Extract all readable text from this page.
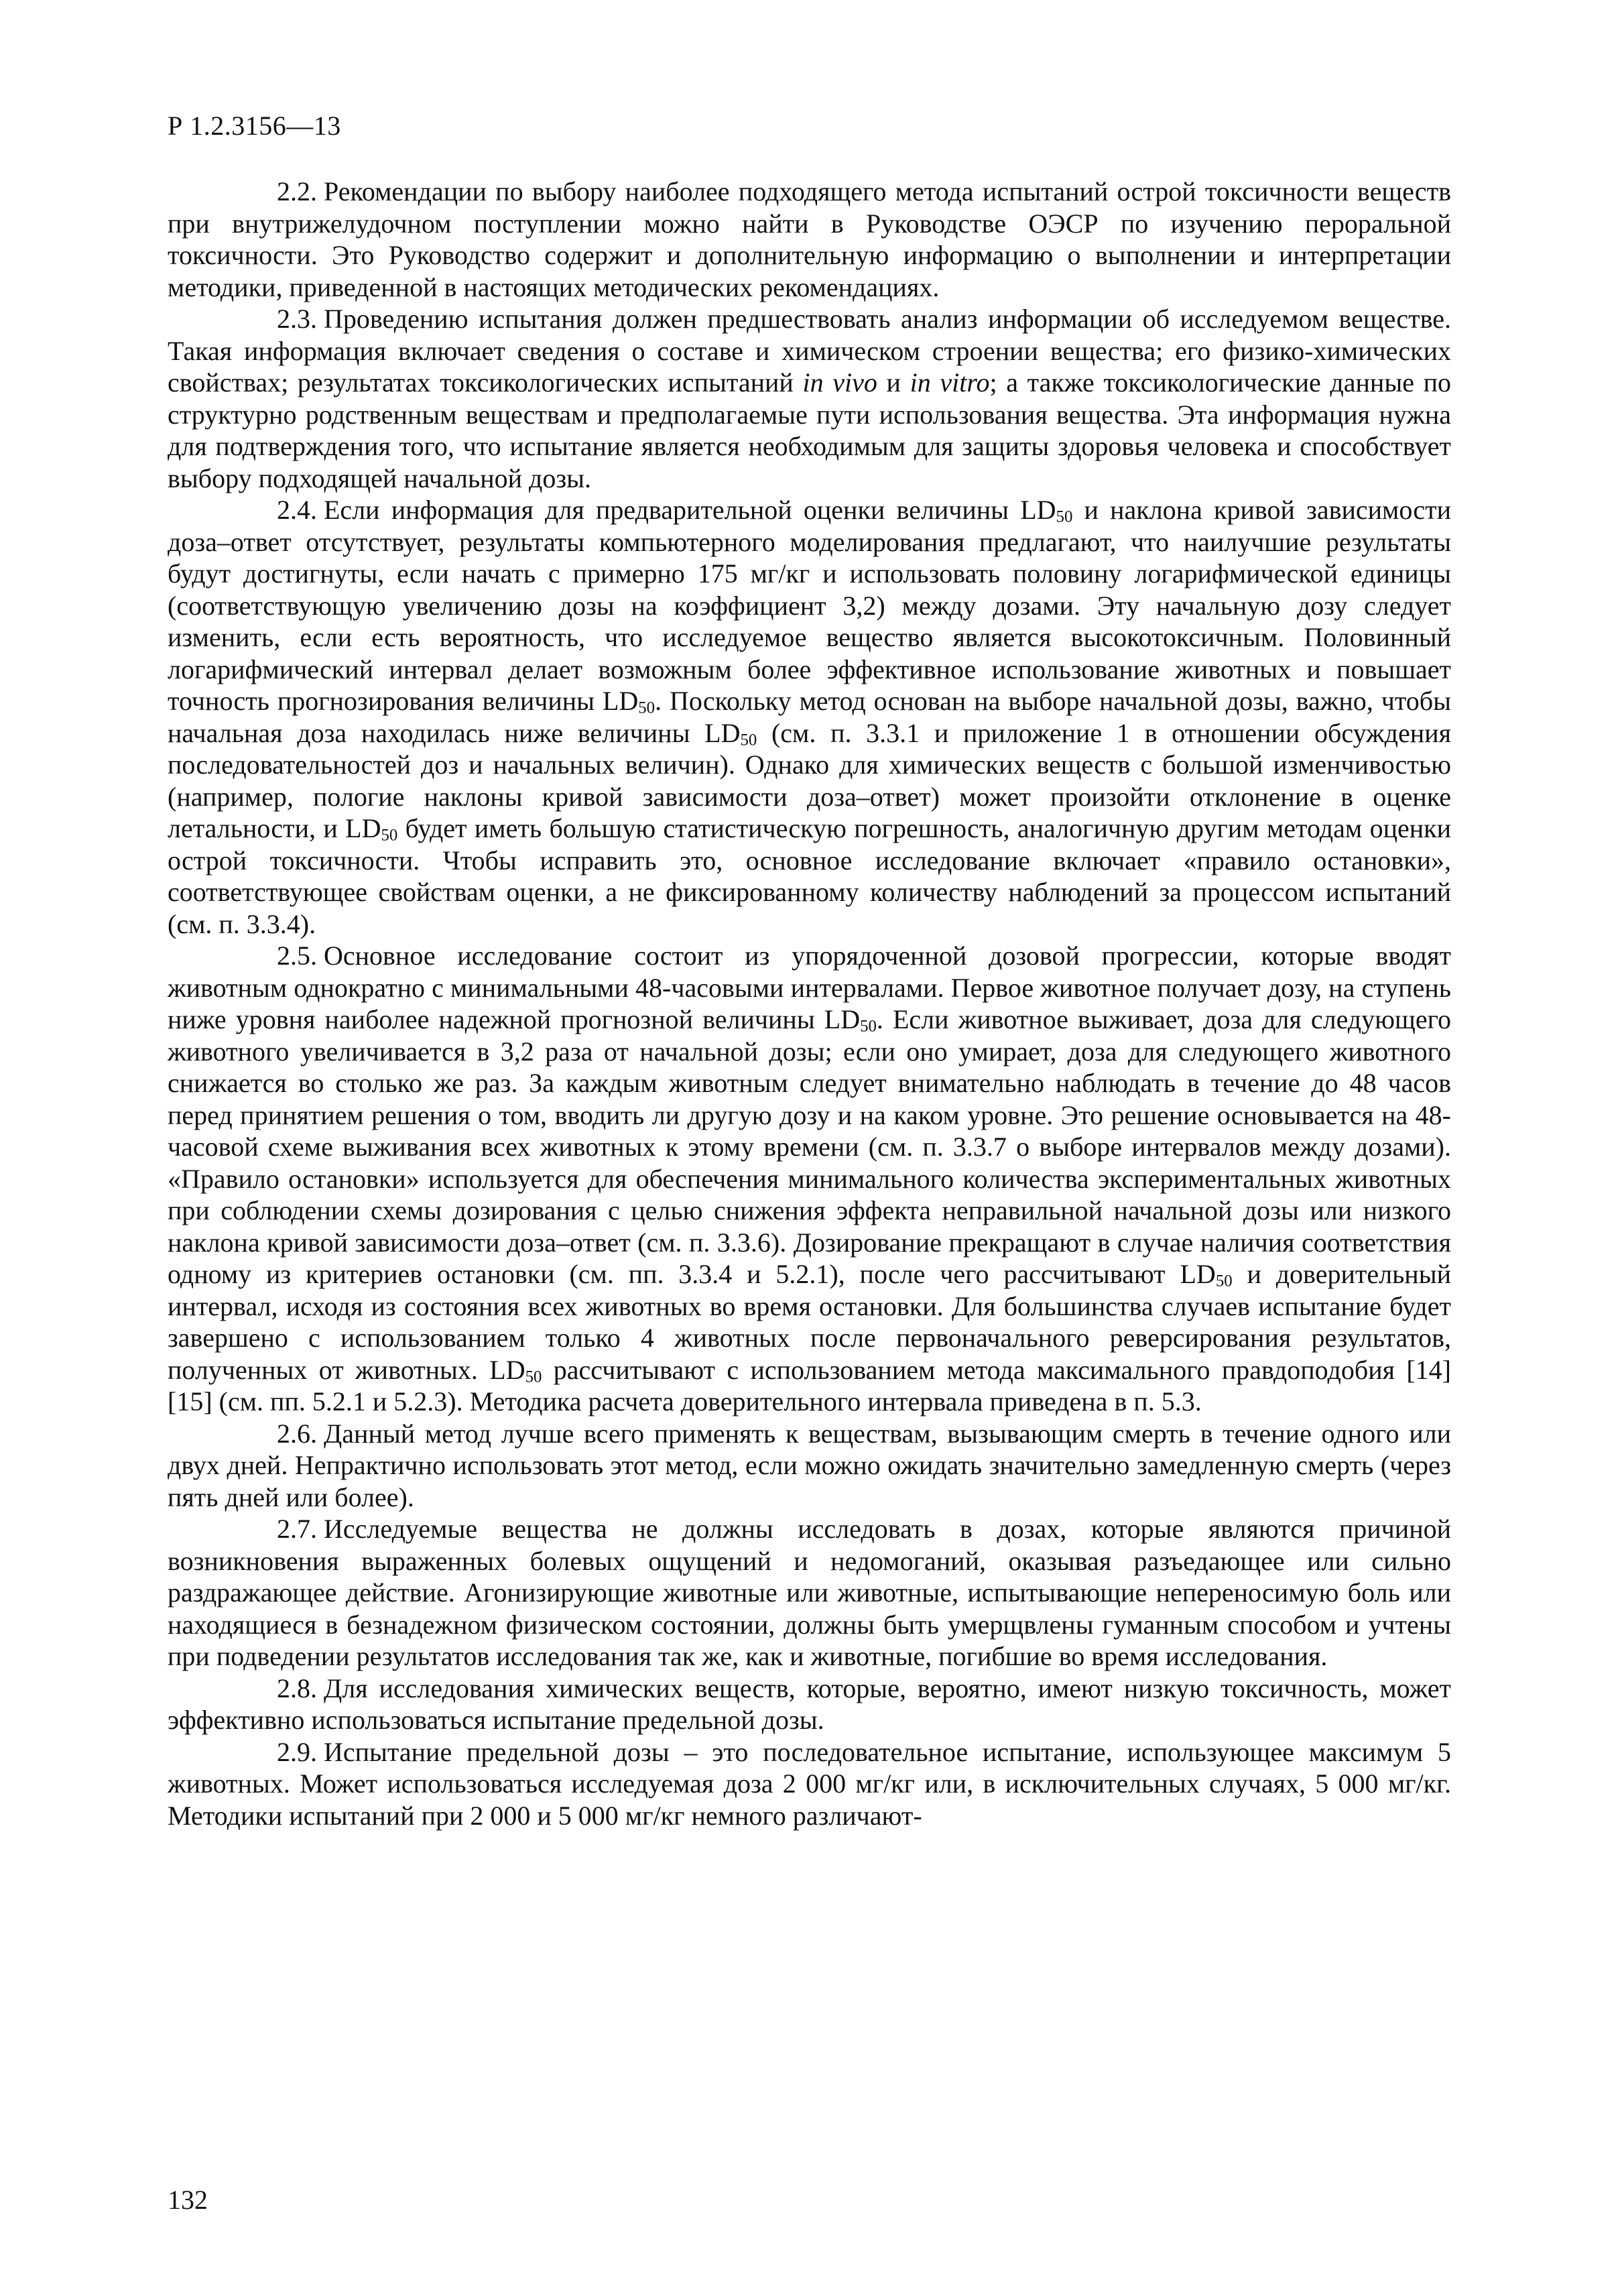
Р 1.2.3156—13

2.2. Рекомендации по выбору наиболее подходящего метода испытаний острой токсичности веществ при внутрижелудочном поступлении можно найти в Руководстве ОЭСР по изучению пероральной токсичности. Это Руководство содержит и дополнительную информацию о выполнении и интерпретации методики, приведенной в настоящих методических рекомендациях.

2.3. Проведению испытания должен предшествовать анализ информации об исследуемом веществе. Такая информация включает сведения о составе и химическом строении вещества; его физико-химических свойствах; результатах токсикологических испытаний in vivo и in vitro; а также токсикологические данные по структурно родственным веществам и предполагаемые пути использования вещества. Эта информация нужна для подтверждения того, что испытание является необходимым для защиты здоровья человека и способствует выбору подходящей начальной дозы.

2.4. Если информация для предварительной оценки величины $LD_{50}$ и наклона кривой зависимости доза–ответ отсутствует, результаты компьютерного моделирования предлагают, что наилучшие результаты будут достигнуты, если начать с примерно 175 мг/кг и использовать половину логарифмической единицы (соответствующую увеличению дозы на коэффициент 3,2) между дозами. Эту начальную дозу следует изменить, если есть вероятность, что исследуемое вещество является высокотоксичным. Половинный логарифмический интервал делает возможным более эффективное использование животных и повышает точность прогнозирования величины $LD_{50}$. Поскольку метод основан на выборе начальной дозы, важно, чтобы начальная доза находилась ниже величины $LD_{50}$ (см. п. 3.3.1 и приложение 1 в отношении обсуждения последовательностей доз и начальных величин). Однако для химических веществ с большой изменчивостью (например, пологие наклоны кривой зависимости доза–ответ) может произойти отклонение в оценке летальности, и $LD_{50}$ будет иметь большую статистическую погрешность, аналогичную другим методам оценки острой токсичности. Чтобы исправить это, основное исследование включает «правило остановки», соответствующее свойствам оценки, а не фиксированному количеству наблюдений за процессом испытаний (см. п. 3.3.4).

2.5. Основное исследование состоит из упорядоченной дозовой прогрессии, которые вводят животным однократно с минимальными 48-часовыми интервалами. Первое животное получает дозу, на ступень ниже уровня наиболее надежной прогнозной величины $LD_{50}$. Если животное выживает, доза для следующего животного увеличивается в 3,2 раза от начальной дозы; если оно умирает, доза для следующего животного снижается во столько же раз. За каждым животным следует внимательно наблюдать в течение до 48 часов перед принятием решения о том, вводить ли другую дозу и на каком уровне. Это решение основывается на 48-часовой схеме выживания всех животных к этому времени (см. п. 3.3.7 о выборе интервалов между дозами). «Правило остановки» используется для обеспечения минимального количества экспериментальных животных при соблюдении схемы дозирования с целью снижения эффекта неправильной начальной дозы или низкого наклона кривой зависимости доза–ответ (см. п. 3.3.6). Дозирование прекращают в случае наличия соответствия одному из критериев остановки (см. пп. 3.3.4 и 5.2.1), после чего рассчитывают $LD_{50}$ и доверительный интервал, исходя из состояния всех животных во время остановки. Для большинства случаев испытание будет завершено с использованием только 4 животных после первоначального реверсирования результатов, полученных от животных. $LD_{50}$ рассчитывают с использованием метода максимального правдоподобия [14] [15] (см. пп. 5.2.1 и 5.2.3). Методика расчета доверительного интервала приведена в п. 5.3.

2.6. Данный метод лучше всего применять к веществам, вызывающим смерть в течение одного или двух дней. Непрактично использовать этот метод, если можно ожидать значительно замедленную смерть (через пять дней или более).

2.7. Исследуемые вещества не должны исследовать в дозах, которые являются причиной возникновения выраженных болевых ощущений и недомоганий, оказывая разъедающее или сильно раздражающее действие. Агонизирующие животные или животные, испытывающие непереносимую боль или находящиеся в безнадежном физическом состоянии, должны быть умерщвлены гуманным способом и учтены при подведении результатов исследования так же, как и животные, погибшие во время исследования.

2.8. Для исследования химических веществ, которые, вероятно, имеют низкую токсичность, может эффективно использоваться испытание предельной дозы.

2.9. Испытание предельной дозы – это последовательное испытание, использующее максимум 5 животных. Может использоваться исследуемая доза 2 000 мг/кг или, в исключительных случаях, 5 000 мг/кг. Методики испытаний при 2 000 и 5 000 мг/кг немного различают-

132
